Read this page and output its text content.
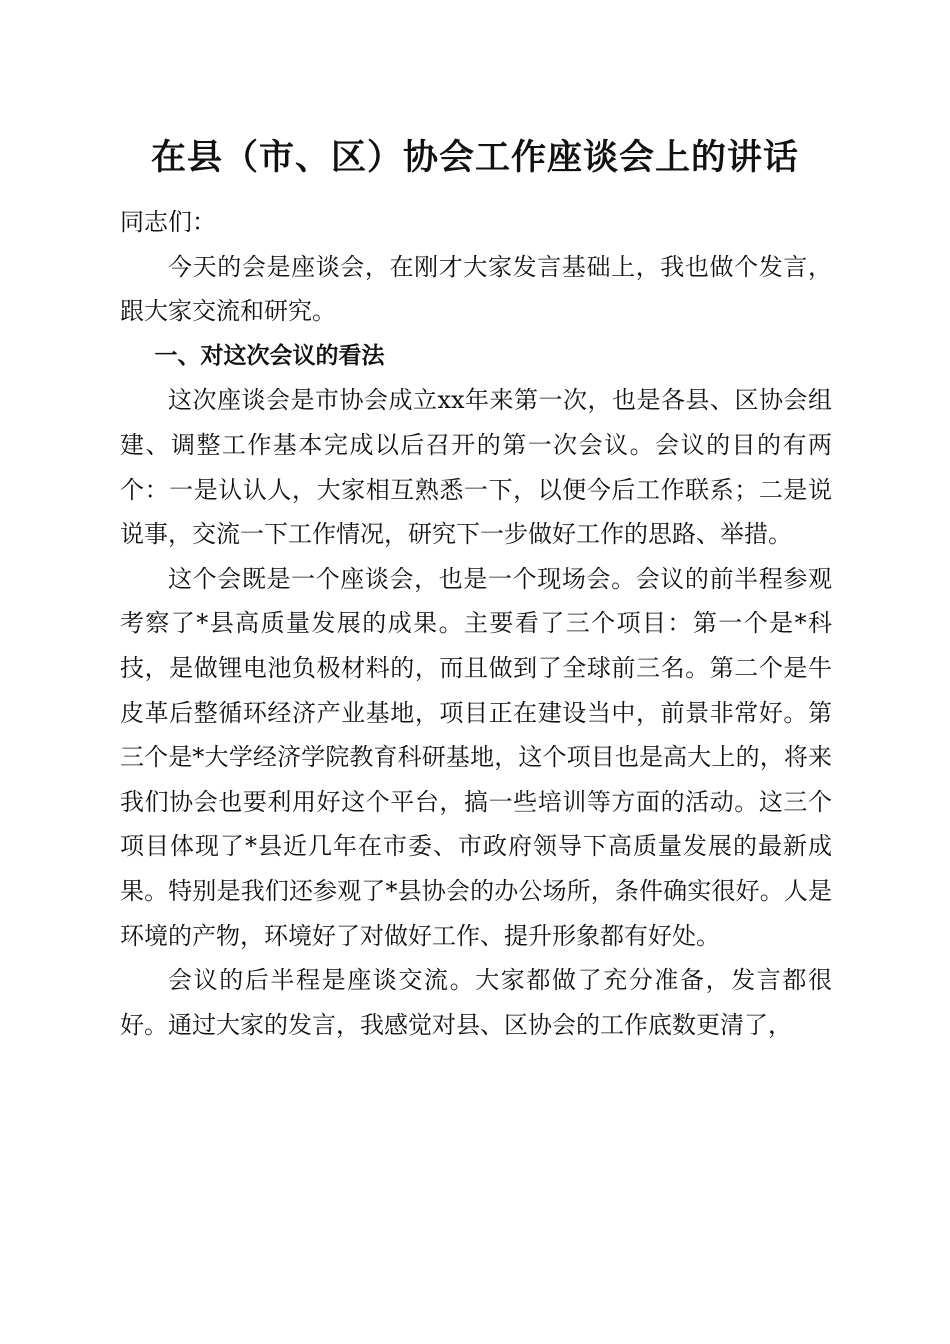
在县（市、区）协会工作座谈会上的讲话

同志们：

今天的会是座谈会，在刚才大家发言基础上，我也做个发言，跟大家交流和研究。

一、对这次会议的看法

这次座谈会是市协会成立xx年来第一次，也是各县、区协会组建、调整工作基本完成以后召开的第一次会议。会议的目的有两个：一是认认人，大家相互熟悉一下，以便今后工作联系；二是说说事，交流一下工作情况，研究下一步做好工作的思路、举措。

这个会既是一个座谈会，也是一个现场会。会议的前半程参观考察了*县高质量发展的成果。主要看了三个项目：第一个是*科技，是做锂电池负极材料的，而且做到了全球前三名。第二个是牛皮革后整循环经济产业基地，项目正在建设当中，前景非常好。第三个是*大学经济学院教育科研基地，这个项目也是高大上的，将来我们协会也要利用好这个平台，搞一些培训等方面的活动。这三个项目体现了*县近几年在市委、市政府领导下高质量发展的最新成果。特别是我们还参观了*县协会的办公场所，条件确实很好。人是环境的产物，环境好了对做好工作、提升形象都有好处。

会议的后半程是座谈交流。大家都做了充分准备，发言都很好。通过大家的发言，我感觉对县、区协会的工作底数更清了，
